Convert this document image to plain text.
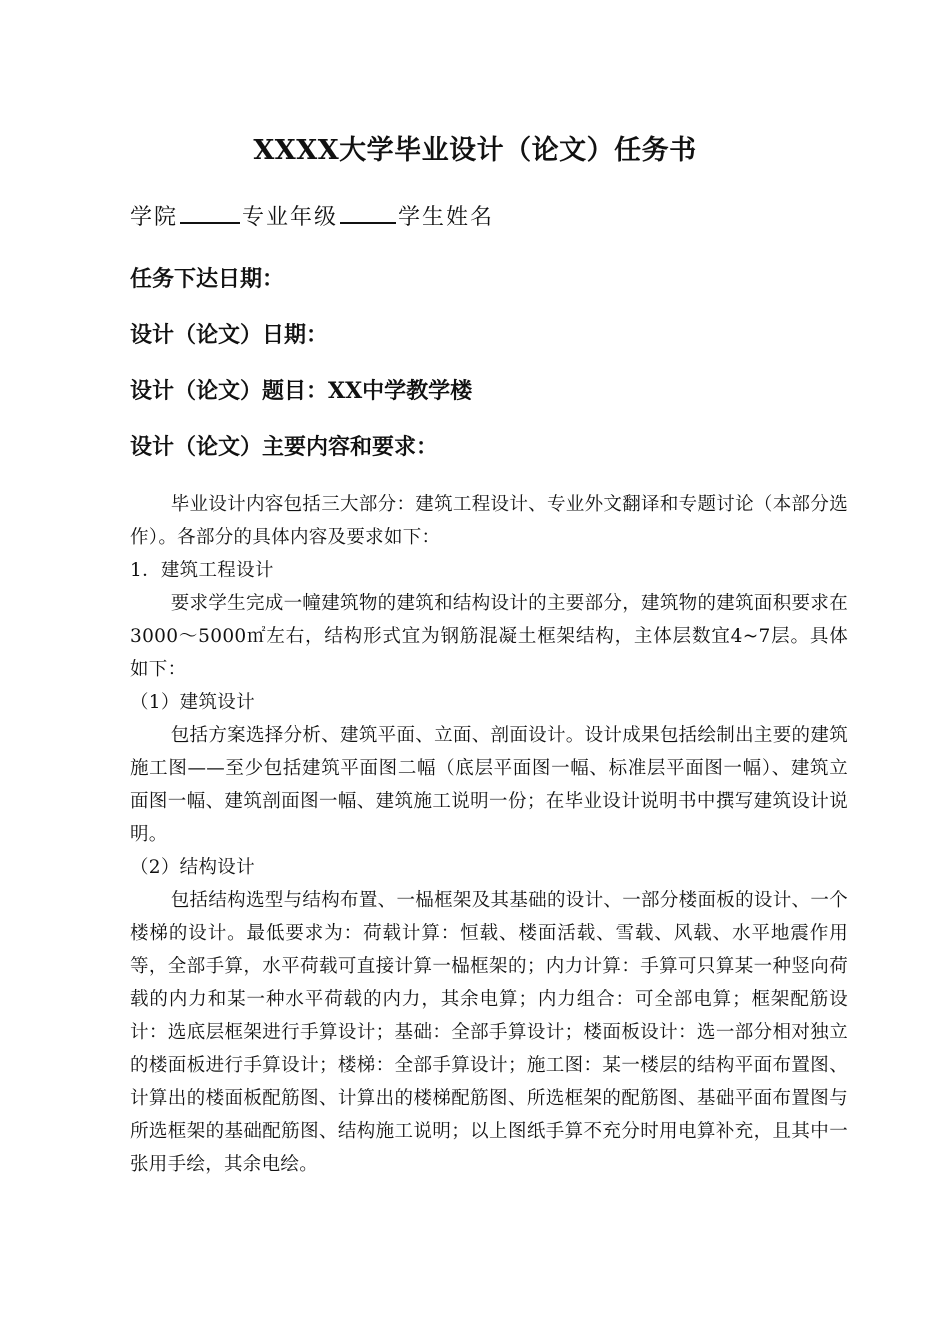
XXXX大学毕业设计（论文）任务书
学院	专业年级	学生姓名
任务下达日期：
设计（论文）日期：
设计（论文）题目：XX中学教学楼
设计（论文）主要内容和要求：

毕业设计内容包括三大部分：建筑工程设计、专业外文翻译和专题讨论（本部分选作）。各部分的具体内容及要求如下：

1．建筑工程设计

要求学生完成一幢建筑物的建筑和结构设计的主要部分，建筑物的建筑面积要求在3000～5000㎡左右，结构形式宜为钢筋混凝土框架结构，主体层数宜4~7层。具体如下：

（1）建筑设计

包括方案选择分析、建筑平面、立面、剖面设计。设计成果包括绘制出主要的建筑施工图——至少包括建筑平面图二幅（底层平面图一幅、标准层平面图一幅）、建筑立面图一幅、建筑剖面图一幅、建筑施工说明一份；在毕业设计说明书中撰写建筑设计说明。

（2）结构设计

包括结构选型与结构布置、一榀框架及其基础的设计、一部分楼面板的设计、一个楼梯的设计。最低要求为：荷载计算：恒载、楼面活载、雪载、风载、水平地震作用等，全部手算，水平荷载可直接计算一榀框架的；内力计算：手算可只算某一种竖向荷载的内力和某一种水平荷载的内力，其余电算；内力组合：可全部电算；框架配筋设计：选底层框架进行手算设计；基础：全部手算设计；楼面板设计：选一部分相对独立的楼面板进行手算设计；楼梯：全部手算设计；施工图：某一楼层的结构平面布置图、计算出的楼面板配筋图、计算出的楼梯配筋图、所选框架的配筋图、基础平面布置图与所选框架的基础配筋图、结构施工说明；以上图纸手算不充分时用电算补充，且其中一张用手绘，其余电绘。
